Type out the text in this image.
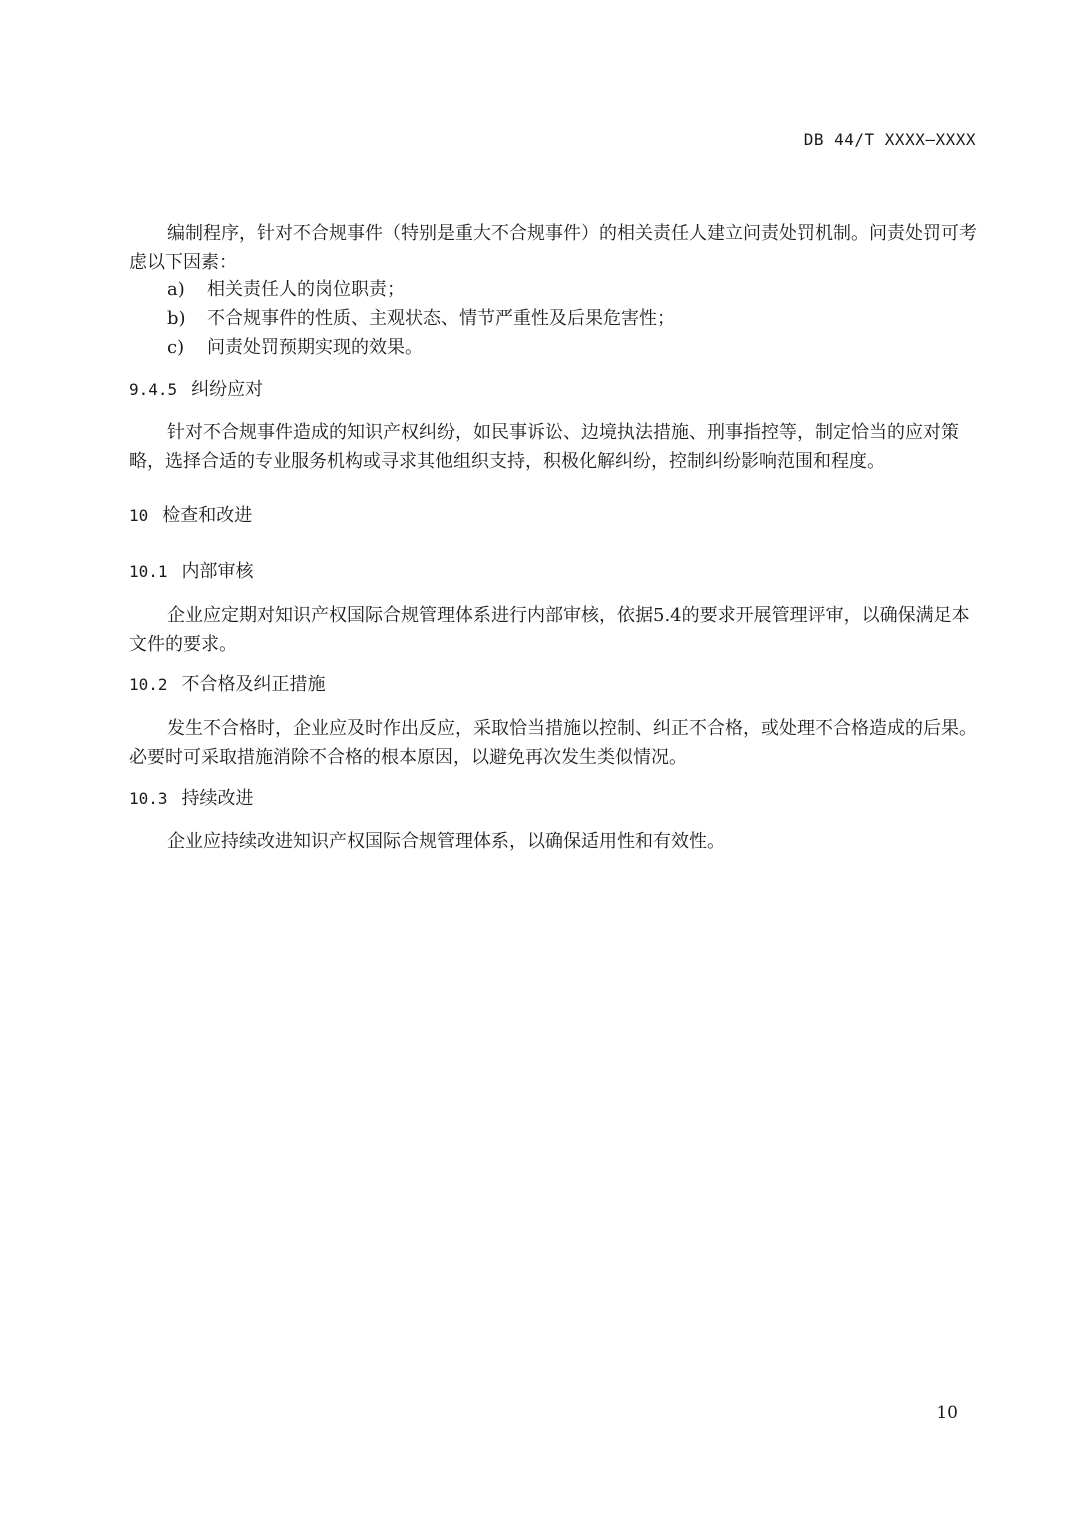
DB 44/T XXXX—XXXX
编制程序，针对不合规事件（特别是重大不合规事件）的相关责任人建立问责处罚机制。问责处罚可考虑以下因素：
a) 相关责任人的岗位职责；
b) 不合规事件的性质、主观状态、情节严重性及后果危害性；
c) 问责处罚预期实现的效果。
9.4.5 纠纷应对
针对不合规事件造成的知识产权纠纷，如民事诉讼、边境执法措施、刑事指控等，制定恰当的应对策略，选择合适的专业服务机构或寻求其他组织支持，积极化解纠纷，控制纠纷影响范围和程度。
10 检查和改进
10.1 内部审核
企业应定期对知识产权国际合规管理体系进行内部审核，依据5.4的要求开展管理评审，以确保满足本文件的要求。
10.2 不合格及纠正措施
发生不合格时，企业应及时作出反应，采取恰当措施以控制、纠正不合格，或处理不合格造成的后果。必要时可采取措施消除不合格的根本原因，以避免再次发生类似情况。
10.3 持续改进
企业应持续改进知识产权国际合规管理体系，以确保适用性和有效性。
10
